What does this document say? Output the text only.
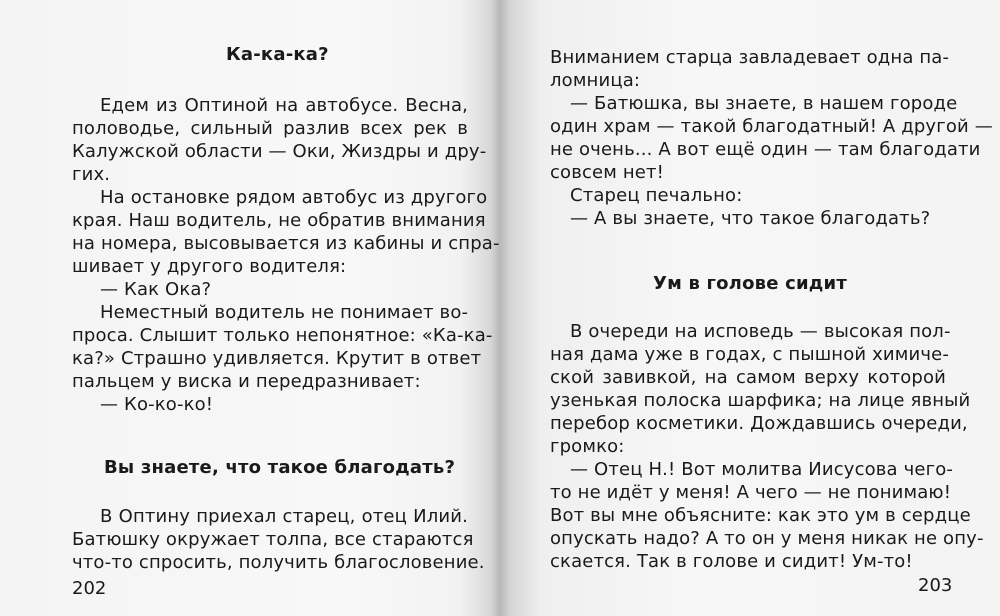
Ка-ка-ка?
Едем из Оптиной на автобусе. Весна,
половодье, сильный разлив всех рек в
Калужской области — Оки, Жиздры и дру-
гих.
На остановке рядом автобус из другого
края. Наш водитель, не обратив внимания
на номера, высовывается из кабины и спра-
шивает у другого водителя:
— Как Ока?
Неместный водитель не понимает во-
проса. Слышит только непонятное: «Ка-ка-
ка?» Страшно удивляется. Крутит в ответ
пальцем у виска и передразнивает:
— Ко-ко-ко!
Вы знаете, что такое благодать?
В Оптину приехал старец, отец Илий.
Батюшку окружает толпа, все стараются
что-то спросить, получить благословение.
202
Вниманием старца завладевает одна па-
ломница:
— Батюшка, вы знаете, в нашем городе
один храм — такой благодатный! А другой —
не очень... А вот ещё один — там благодати
совсем нет!
Старец печально:
— А вы знаете, что такое благодать?
Ум в голове сидит
В очереди на исповедь — высокая пол-
ная дама уже в годах, с пышной химиче-
ской завивкой, на самом верху которой
узенькая полоска шарфика; на лице явный
перебор косметики. Дождавшись очереди,
громко:
— Отец Н.! Вот молитва Иисусова чего-
то не идёт у меня! А чего — не понимаю!
Вот вы мне объясните: как это ум в сердце
опускать надо? А то он у меня никак не опу-
скается. Так в голове и сидит! Ум-то!
203
